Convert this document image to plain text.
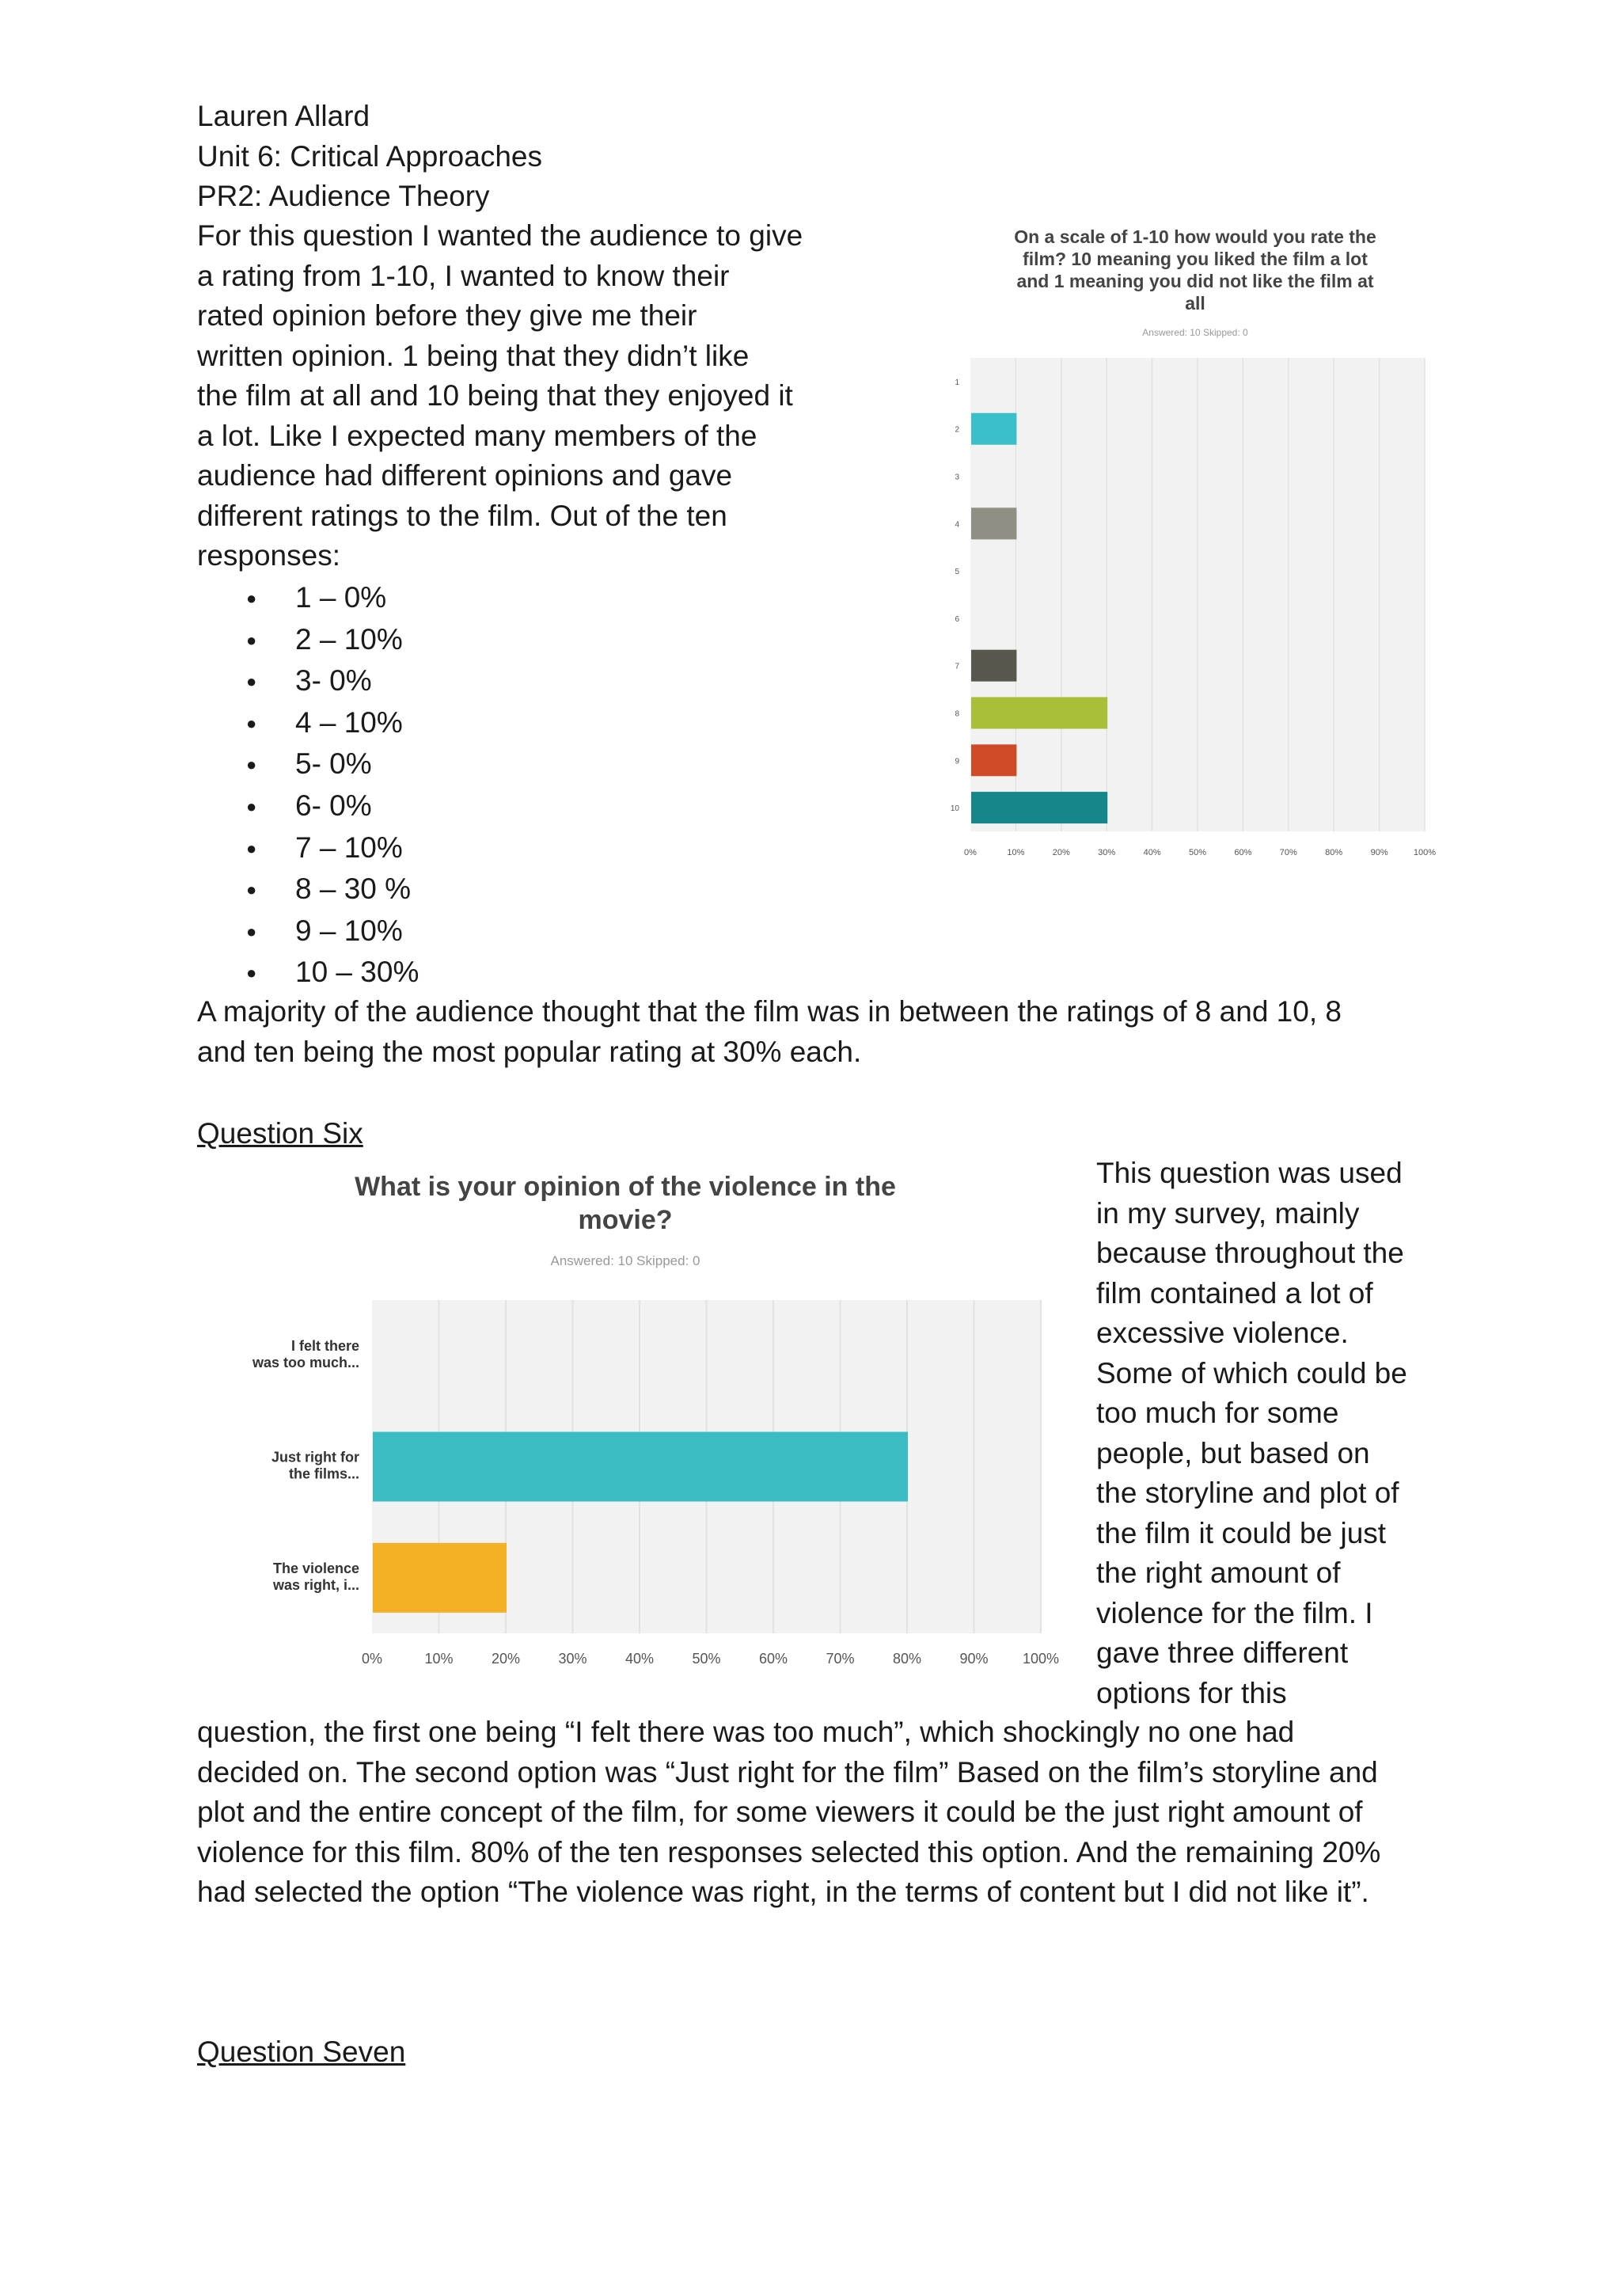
Lauren Allard
Unit 6: Critical Approaches
PR2: Audience Theory
For this question I wanted the audience to give
a rating from 1-10, I wanted to know their
rated opinion before they give me their
written opinion. 1 being that they didn’t like
the film at all and 10 being that they enjoyed it
a lot. Like I expected many members of the
audience had different opinions and gave
different ratings to the film. Out of the ten
responses:
● 1 – 0%
● 2 – 10%
● 3- 0%
● 4 – 10%
● 5- 0%
● 6- 0%
● 7 – 10%
● 8 – 30 %
● 9 – 10%
● 10 – 30%
A majority of the audience thought that the film was in between the ratings of 8 and 10, 8
and ten being the most popular rating at 30% each.
Question Six
This question was used
in my survey, mainly
because throughout the
film contained a lot of
excessive violence.
Some of which could be
too much for some
people, but based on
the storyline and plot of
the film it could be just
the right amount of
violence for the film. I
gave three different
options for this
question, the first one being “I felt there was too much”, which shockingly no one had
decided on. The second option was “Just right for the film” Based on the film’s storyline and
plot and the entire concept of the film, for some viewers it could be the just right amount of
violence for this film. 80% of the ten responses selected this option. And the remaining 20%
had selected the option “The violence was right, in the terms of content but I did not like it”.
Question Seven
On a scale of 1-10 how would you rate the
film? 10 meaning you liked the film a lot
and 1 meaning you did not like the film at
all
Answered: 10 Skipped: 0
0%	10%	20%	30%	40%	50%	60%	70%	80%	90%	100%
1
2
3
4
5
6
7
8
9
10
What is your opinion of the violence in the
movie?
Answered: 10 Skipped: 0
0%	10%	20%	30%	40%	50%	60%	70%	80%	90% 100%
I felt there
was too much...
Just right for
the films...
The violence
was right, i...
